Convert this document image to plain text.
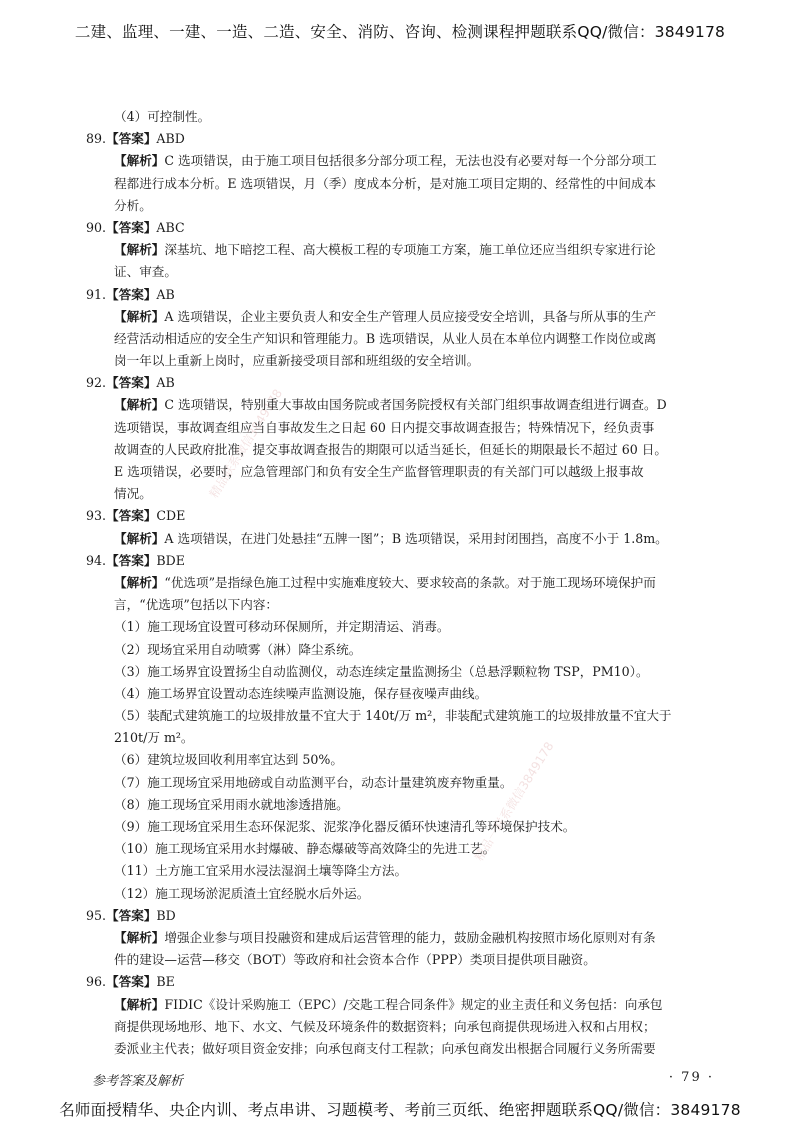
二建、监理、一建、一造、二造、安全、消防、咨询、检测课程押题联系QQ/微信：3849178
精品联系微信3849178
精品一联系微信3849178
（4）可控制性。
89.【答案】ABD
【解析】C 选项错误，由于施工项目包括很多分部分项工程，无法也没有必要对每一个分部分项工
程都进行成本分析。E 选项错误，月（季）度成本分析，是对施工项目定期的、经常性的中间成本
分析。
90.【答案】ABC
【解析】深基坑、地下暗挖工程、高大模板工程的专项施工方案，施工单位还应当组织专家进行论
证、审查。
91.【答案】AB
【解析】A 选项错误，企业主要负责人和安全生产管理人员应接受安全培训，具备与所从事的生产
经营活动相适应的安全生产知识和管理能力。B 选项错误，从业人员在本单位内调整工作岗位或离
岗一年以上重新上岗时，应重新接受项目部和班组级的安全培训。
92.【答案】AB
【解析】C 选项错误，特别重大事故由国务院或者国务院授权有关部门组织事故调查组进行调查。D
选项错误，事故调查组应当自事故发生之日起 60 日内提交事故调查报告；特殊情况下，经负责事
故调查的人民政府批准，提交事故调查报告的期限可以适当延长，但延长的期限最长不超过 60 日。
E 选项错误，必要时，应急管理部门和负有安全生产监督管理职责的有关部门可以越级上报事故
情况。
93.【答案】CDE
【解析】A 选项错误，在进门处悬挂“五牌一图”；B 选项错误，采用封闭围挡，高度不小于 1.8m。
94.【答案】BDE
【解析】“优选项”是指绿色施工过程中实施难度较大、要求较高的条款。对于施工现场环境保护而
言，“优选项”包括以下内容：
（1）施工现场宜设置可移动环保厕所，并定期清运、消毒。
（2）现场宜采用自动喷雾（淋）降尘系统。
（3）施工场界宜设置扬尘自动监测仪，动态连续定量监测扬尘（总悬浮颗粒物 TSP，PM10）。
（4）施工场界宜设置动态连续噪声监测设施，保存昼夜噪声曲线。
（5）装配式建筑施工的垃圾排放量不宜大于 140t/万 m²，非装配式建筑施工的垃圾排放量不宜大于
210t/万 m²。
（6）建筑垃圾回收利用率宜达到 50%。
（7）施工现场宜采用地磅或自动监测平台，动态计量建筑废弃物重量。
（8）施工现场宜采用雨水就地渗透措施。
（9）施工现场宜采用生态环保泥浆、泥浆净化器反循环快速清孔等环境保护技术。
（10）施工现场宜采用水封爆破、静态爆破等高效降尘的先进工艺。
（11）土方施工宜采用水浸法湿润土壤等降尘方法。
（12）施工现场淤泥质渣土宜经脱水后外运。
95.【答案】BD
【解析】增强企业参与项目投融资和建成后运营管理的能力，鼓励金融机构按照市场化原则对有条
件的建设—运营—移交（BOT）等政府和社会资本合作（PPP）类项目提供项目融资。
96.【答案】BE
【解析】FIDIC《设计采购施工（EPC）/交匙工程合同条件》规定的业主责任和义务包括：向承包
商提供现场地形、地下、水文、气候及环境条件的数据资料；向承包商提供现场进入权和占用权；
委派业主代表；做好项目资金安排；向承包商支付工程款；向承包商发出根据合同履行义务所需要
参考答案及解析	· 79 ·
名师面授精华、央企内训、考点串讲、习题模考、考前三页纸、绝密押题联系QQ/微信：3849178
